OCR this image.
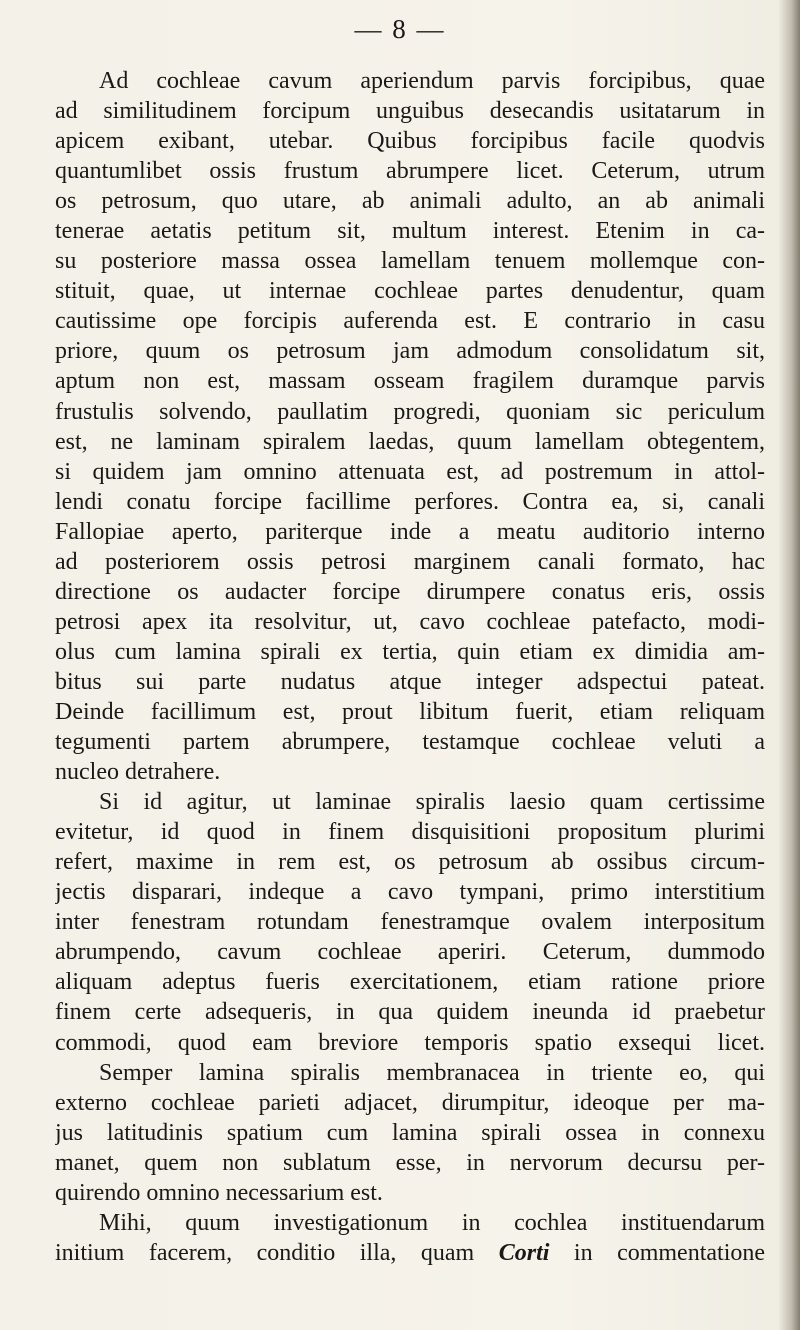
— 8 —
Ad cochleae cavum aperiendum parvis forcipibus, quae
ad similitudinem forcipum unguibus desecandis usitatarum in
apicem exibant, utebar. Quibus forcipibus facile quodvis
quantumlibet ossis frustum abrumpere licet. Ceterum, utrum
os petrosum, quo utare, ab animali adulto, an ab animali
tenerae aetatis petitum sit, multum interest. Etenim in ca-
su posteriore massa ossea lamellam tenuem mollemque con-
stituit, quae, ut internae cochleae partes denudentur, quam
cautissime ope forcipis auferenda est. E contrario in casu
priore, quum os petrosum jam admodum consolidatum sit,
aptum non est, massam osseam fragilem duramque parvis
frustulis solvendo, paullatim progredi, quoniam sic periculum
est, ne laminam spiralem laedas, quum lamellam obtegentem,
si quidem jam omnino attenuata est, ad postremum in attol-
lendi conatu forcipe facillime perfores. Contra ea, si, canali
Fallopiae aperto, pariterque inde a meatu auditorio interno
ad posteriorem ossis petrosi marginem canali formato, hac
directione os audacter forcipe dirumpere conatus eris, ossis
petrosi apex ita resolvitur, ut, cavo cochleae patefacto, modi-
olus cum lamina spirali ex tertia, quin etiam ex dimidia am-
bitus sui parte nudatus atque integer adspectui pateat.
Deinde facillimum est, prout libitum fuerit, etiam reliquam
tegumenti partem abrumpere, testamque cochleae veluti a
nucleo detrahere.
Si id agitur, ut laminae spiralis laesio quam certissime
evitetur, id quod in finem disquisitioni propositum plurimi
refert, maxime in rem est, os petrosum ab ossibus circum-
jectis disparari, indeque a cavo tympani, primo interstitium
inter fenestram rotundam fenestramque ovalem interpositum
abrumpendo, cavum cochleae aperiri. Ceterum, dummodo
aliquam adeptus fueris exercitationem, etiam ratione priore
finem certe adsequeris, in qua quidem ineunda id praebetur
commodi, quod eam breviore temporis spatio exsequi licet.
Semper lamina spiralis membranacea in triente eo, qui
externo cochleae parieti adjacet, dirumpitur, ideoque per ma-
jus latitudinis spatium cum lamina spirali ossea in connexu
manet, quem non sublatum esse, in nervorum decursu per-
quirendo omnino necessarium est.
Mihi, quum investigationum in cochlea instituendarum
initium facerem, conditio illa, quam Corti in commentatione
